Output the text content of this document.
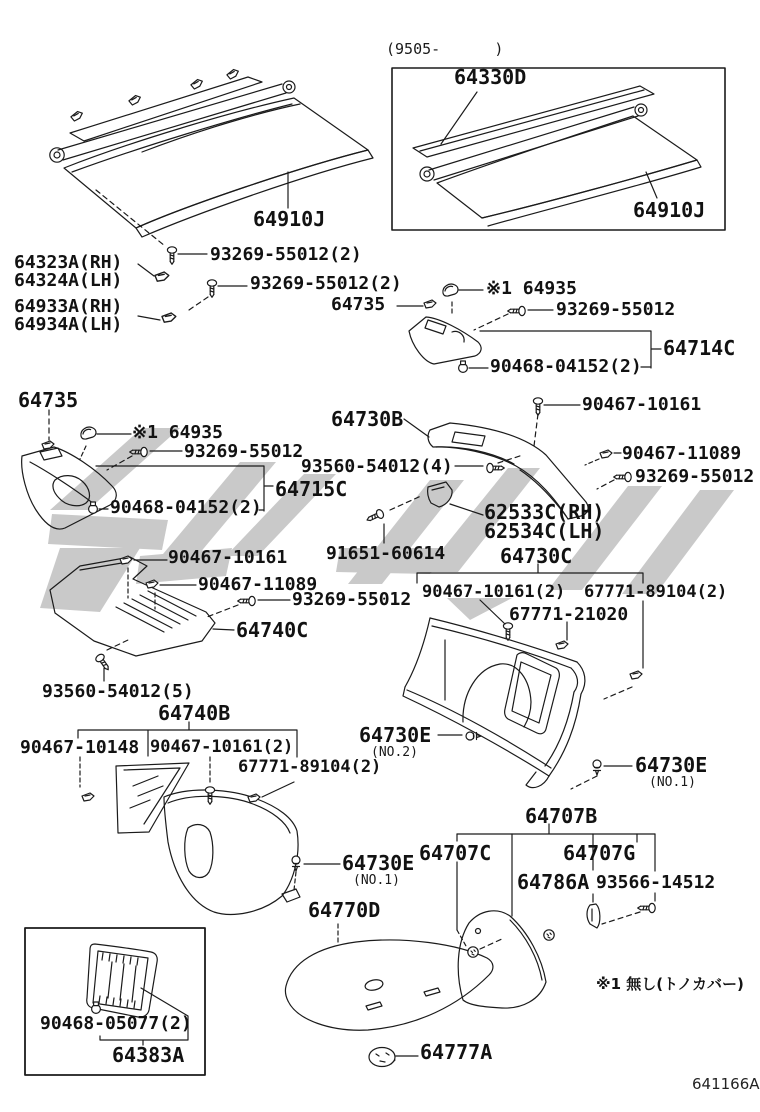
(9505-      )
64330D
64910J
64910J
93269-55012(2)
64323A(RH)
64324A(LH)	93269-55012(2)
64933A(RH)
64934A(LH)
64735
※1 64935
93269-55012
64714C
90468-04152(2)
64735
※1 64935
93269-55012
64730B
90467-10161
93560-54012(4)
90467-11089
93269-55012
64715C
62533C(RH)
62534C(LH)
90468-04152(2)
90467-10161 91651-60614	64730C
90467-11089
93269-55012 90467-10161(2) 67771-89104(2)
67771-21020
64740C
93560-54012(5)
64740B
64730E
(NO.2)
90467-10148 90467-10161(2)
67771-89104(2)	64730E
(NO.1)
64730E
(NO.1)
64770D
64707B
64707C	64707G
64786A 93566-14512
※1 無し(トノカバー)
90468-05077(2)
64383A	64777A
641166A
